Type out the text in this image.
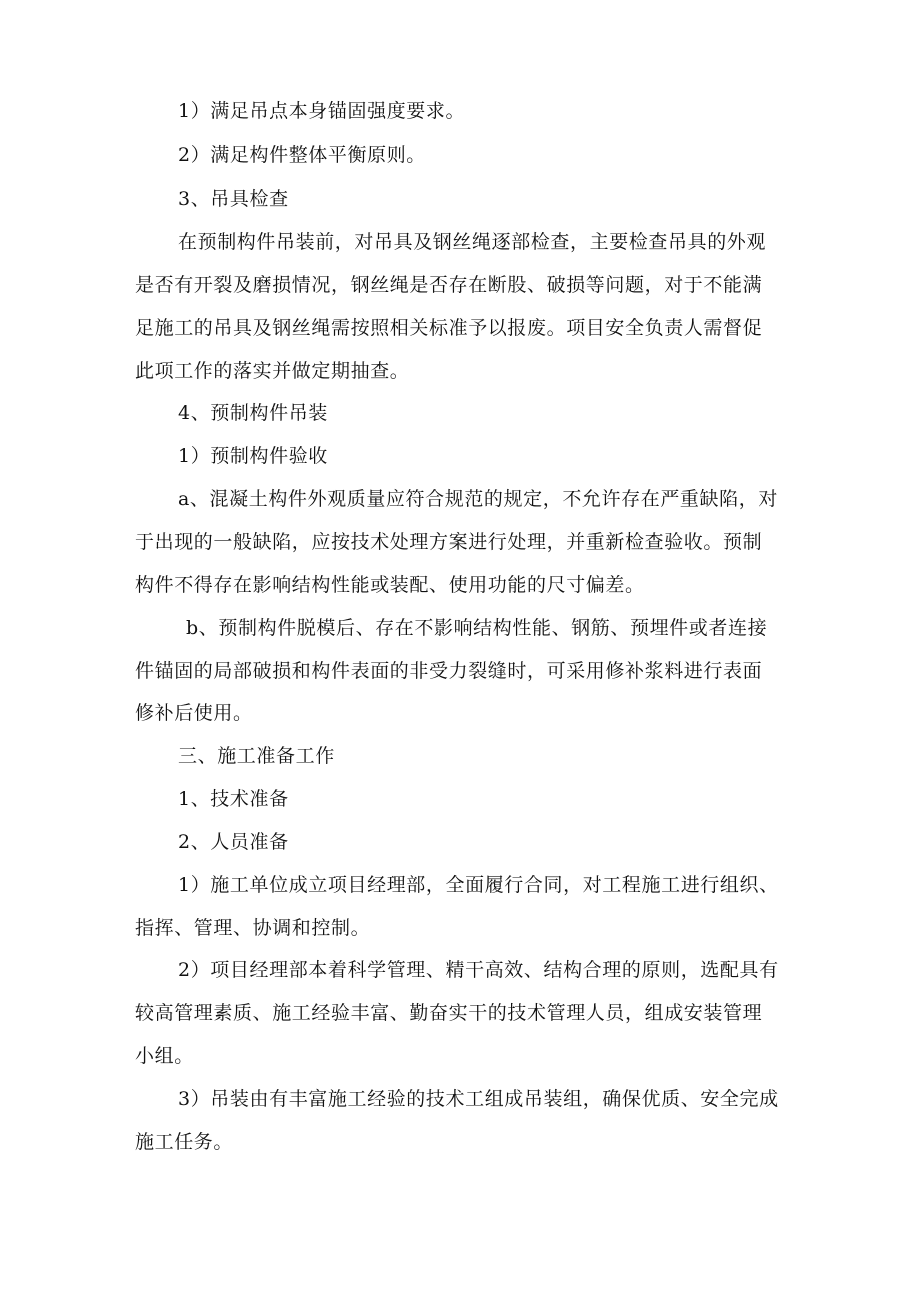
1）满足吊点本身锚固强度要求。
2）满足构件整体平衡原则。
3、吊具检查
在预制构件吊装前，对吊具及钢丝绳逐部检查，主要检查吊具的外观
是否有开裂及磨损情况，钢丝绳是否存在断股、破损等问题，对于不能满
足施工的吊具及钢丝绳需按照相关标准予以报废。项目安全负责人需督促
此项工作的落实并做定期抽查。
4、预制构件吊装
1）预制构件验收
a、混凝土构件外观质量应符合规范的规定，不允许存在严重缺陷，对
于出现的一般缺陷，应按技术处理方案进行处理，并重新检查验收。预制
构件不得存在影响结构性能或装配、使用功能的尺寸偏差。
b、预制构件脱模后、存在不影响结构性能、钢筋、预埋件或者连接
件锚固的局部破损和构件表面的非受力裂缝时，可采用修补浆料进行表面
修补后使用。
三、施工准备工作
1、技术准备
2、人员准备
1）施工单位成立项目经理部，全面履行合同，对工程施工进行组织、
指挥、管理、协调和控制。
2）项目经理部本着科学管理、精干高效、结构合理的原则，选配具有
较高管理素质、施工经验丰富、勤奋实干的技术管理人员，组成安装管理
小组。
3）吊装由有丰富施工经验的技术工组成吊装组，确保优质、安全完成
施工任务。
